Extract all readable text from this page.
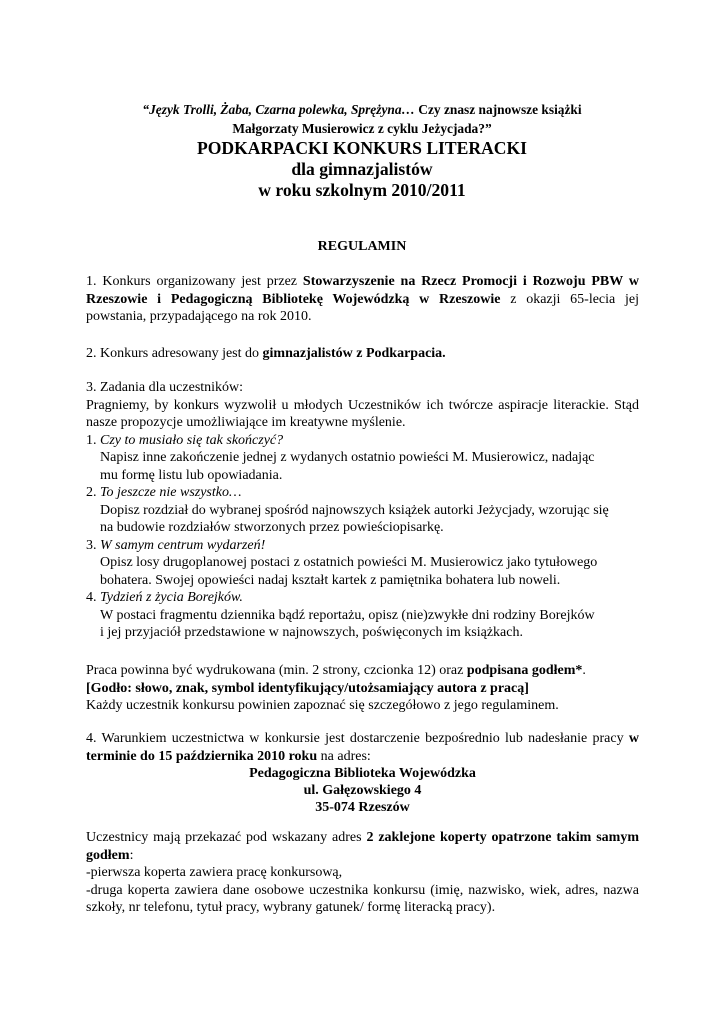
“Język Trolli, Żaba, Czarna polewka, Sprężyna… Czy znasz najnowsze książki
Małgorzaty Musierowicz z cyklu Jeżycjada?”
PODKARPACKI KONKURS LITERACKI
dla gimnazjalistów
w roku szkolnym 2010/2011
REGULAMIN

1. Konkurs organizowany jest przez Stowarzyszenie na Rzecz Promocji i Rozwoju PBW w Rzeszowie i Pedagogiczną Bibliotekę Wojewódzką w Rzeszowie z okazji 65-lecia jej powstania, przypadającego na rok 2010.

2. Konkurs adresowany jest do gimnazjalistów z Podkarpacia.

3. Zadania dla uczestników:

Pragniemy, by konkurs wyzwolił u młodych Uczestników ich twórcze aspiracje literackie. Stąd nasze propozycje umożliwiające im kreatywne myślenie.

1. Czy to musiało się tak skończyć?
Napisz inne zakończenie jednej z wydanych ostatnio powieści M. Musierowicz, nadając
mu formę listu lub opowiadania.
2. To jeszcze nie wszystko…
Dopisz rozdział do wybranej spośród najnowszych książek autorki Jeżycjady, wzorując się
na budowie rozdziałów stworzonych przez powieściopisarkę.
3. W samym centrum wydarzeń!
Opisz losy drugoplanowej postaci z ostatnich powieści M. Musierowicz jako tytułowego
bohatera. Swojej opowieści nadaj kształt kartek z pamiętnika bohatera lub noweli.
4. Tydzień z życia Borejków.
W postaci fragmentu dziennika bądź reportażu, opisz (nie)zwykłe dni rodziny Borejków
i jej przyjaciół przedstawione w najnowszych, poświęconych im książkach.

Praca powinna być wydrukowana (min. 2 strony, czcionka 12) oraz podpisana godłem*.

[Godło: słowo, znak, symbol identyfikujący/utożsamiający autora z pracą]

Każdy uczestnik konkursu powinien zapoznać się szczegółowo z jego regulaminem.

4. Warunkiem uczestnictwa w konkursie jest dostarczenie bezpośrednio lub nadesłanie pracy w terminie do 15 października 2010 roku na adres:

Pedagogiczna Biblioteka Wojewódzka
ul. Gałęzowskiego 4
35-074 Rzeszów

Uczestnicy mają przekazać pod wskazany adres 2 zaklejone koperty opatrzone takim samym godłem:

-pierwsza koperta zawiera pracę konkursową,

-druga koperta zawiera dane osobowe uczestnika konkursu (imię, nazwisko, wiek, adres, nazwa szkoły, nr telefonu, tytuł pracy, wybrany gatunek/ formę literacką pracy).
